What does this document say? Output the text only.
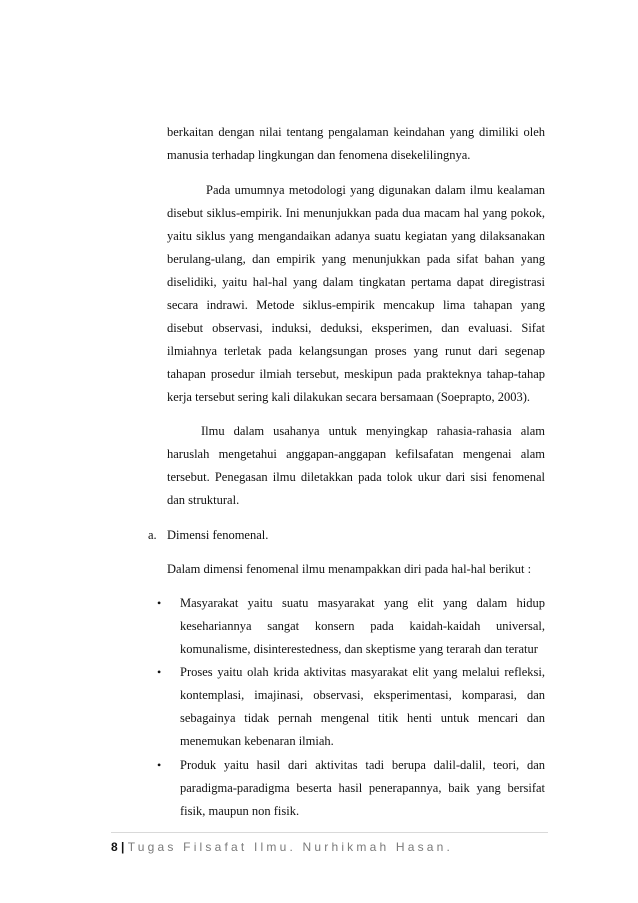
berkaitan dengan nilai tentang pengalaman keindahan yang dimiliki oleh
manusia terhadap lingkungan dan fenomena disekelilingnya.
Pada umumnya metodologi yang digunakan dalam ilmu kealaman
disebut siklus-empirik. Ini menunjukkan pada dua macam hal yang pokok,
yaitu siklus yang mengandaikan adanya suatu kegiatan yang dilaksanakan
berulang-ulang, dan empirik yang menunjukkan pada sifat bahan yang
diselidiki, yaitu hal-hal yang dalam tingkatan pertama dapat diregistrasi
secara indrawi. Metode siklus-empirik mencakup lima tahapan yang
disebut observasi, induksi, deduksi, eksperimen, dan evaluasi. Sifat
ilmiahnya terletak pada kelangsungan proses yang runut dari segenap
tahapan prosedur ilmiah tersebut, meskipun pada prakteknya tahap-tahap
kerja tersebut sering kali dilakukan secara bersamaan (Soeprapto, 2003).
Ilmu dalam usahanya untuk menyingkap rahasia-rahasia alam
haruslah mengetahui anggapan-anggapan kefilsafatan mengenai alam
tersebut. Penegasan ilmu diletakkan pada tolok ukur dari sisi fenomenal
dan struktural.
a. Dimensi fenomenal.
Dalam dimensi fenomenal ilmu menampakkan diri pada hal-hal berikut :
• Masyarakat yaitu suatu masyarakat yang elit yang dalam hidup
kesehariannya sangat konsern pada kaidah-kaidah universal,
komunalisme, disinterestedness, dan skeptisme yang terarah dan teratur
• Proses yaitu olah krida aktivitas masyarakat elit yang melalui refleksi,
kontemplasi, imajinasi, observasi, eksperimentasi, komparasi, dan
sebagainya tidak pernah mengenal titik henti untuk mencari dan
menemukan kebenaran ilmiah.
• Produk yaitu hasil dari aktivitas tadi berupa dalil-dalil, teori, dan
paradigma-paradigma beserta hasil penerapannya, baik yang bersifat
fisik, maupun non fisik.
8 | Tugas Filsafat Ilmu. Nurhikmah Hasan.
